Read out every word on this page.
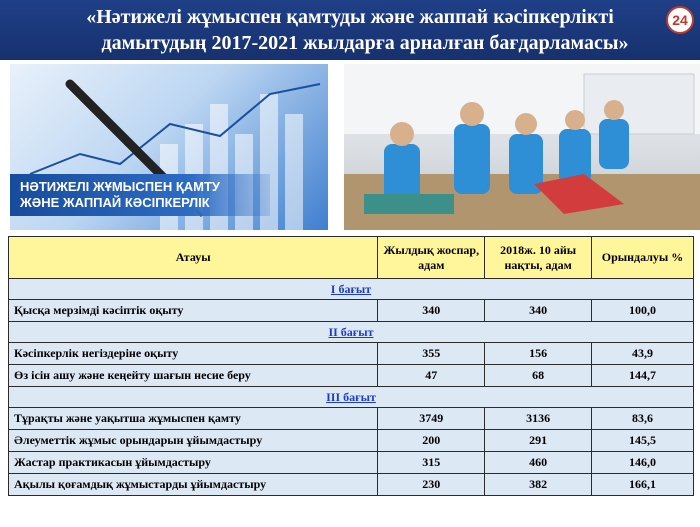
«Нәтижелі жұмыспен қамтуды және жаппай кәсіпкерлікті
дамытудың 2017-2021 жылдарға арналған бағдарламасы»
24
НӘТИЖЕЛІ ЖҰМЫСПЕН ҚАМТУ
ЖӘНЕ ЖАППАЙ КӘСІПКЕРЛІК
Атауы	Жылдық жоспар, адам	2018ж. 10 айы нақты, адам	Орындалуы %
I бағыт			
Қысқа мерзімді кәсіптік оқыту	340	340	100,0
II бағыт			
Кәсіпкерлік негіздеріне оқыту	355	156	43,9
Өз ісін ашу және кеңейту шағын несие беру	47	68	144,7
III бағыт			
Тұрақты және уақытша жұмыспен қамту	3749	3136	83,6
Әлеуметтік жұмыс орындарын ұйымдастыру	200	291	145,5
Жастар практикасын ұйымдастыру	315	460	146,0
Ақылы қоғамдық жұмыстарды ұйымдастыру	230	382	166,1
